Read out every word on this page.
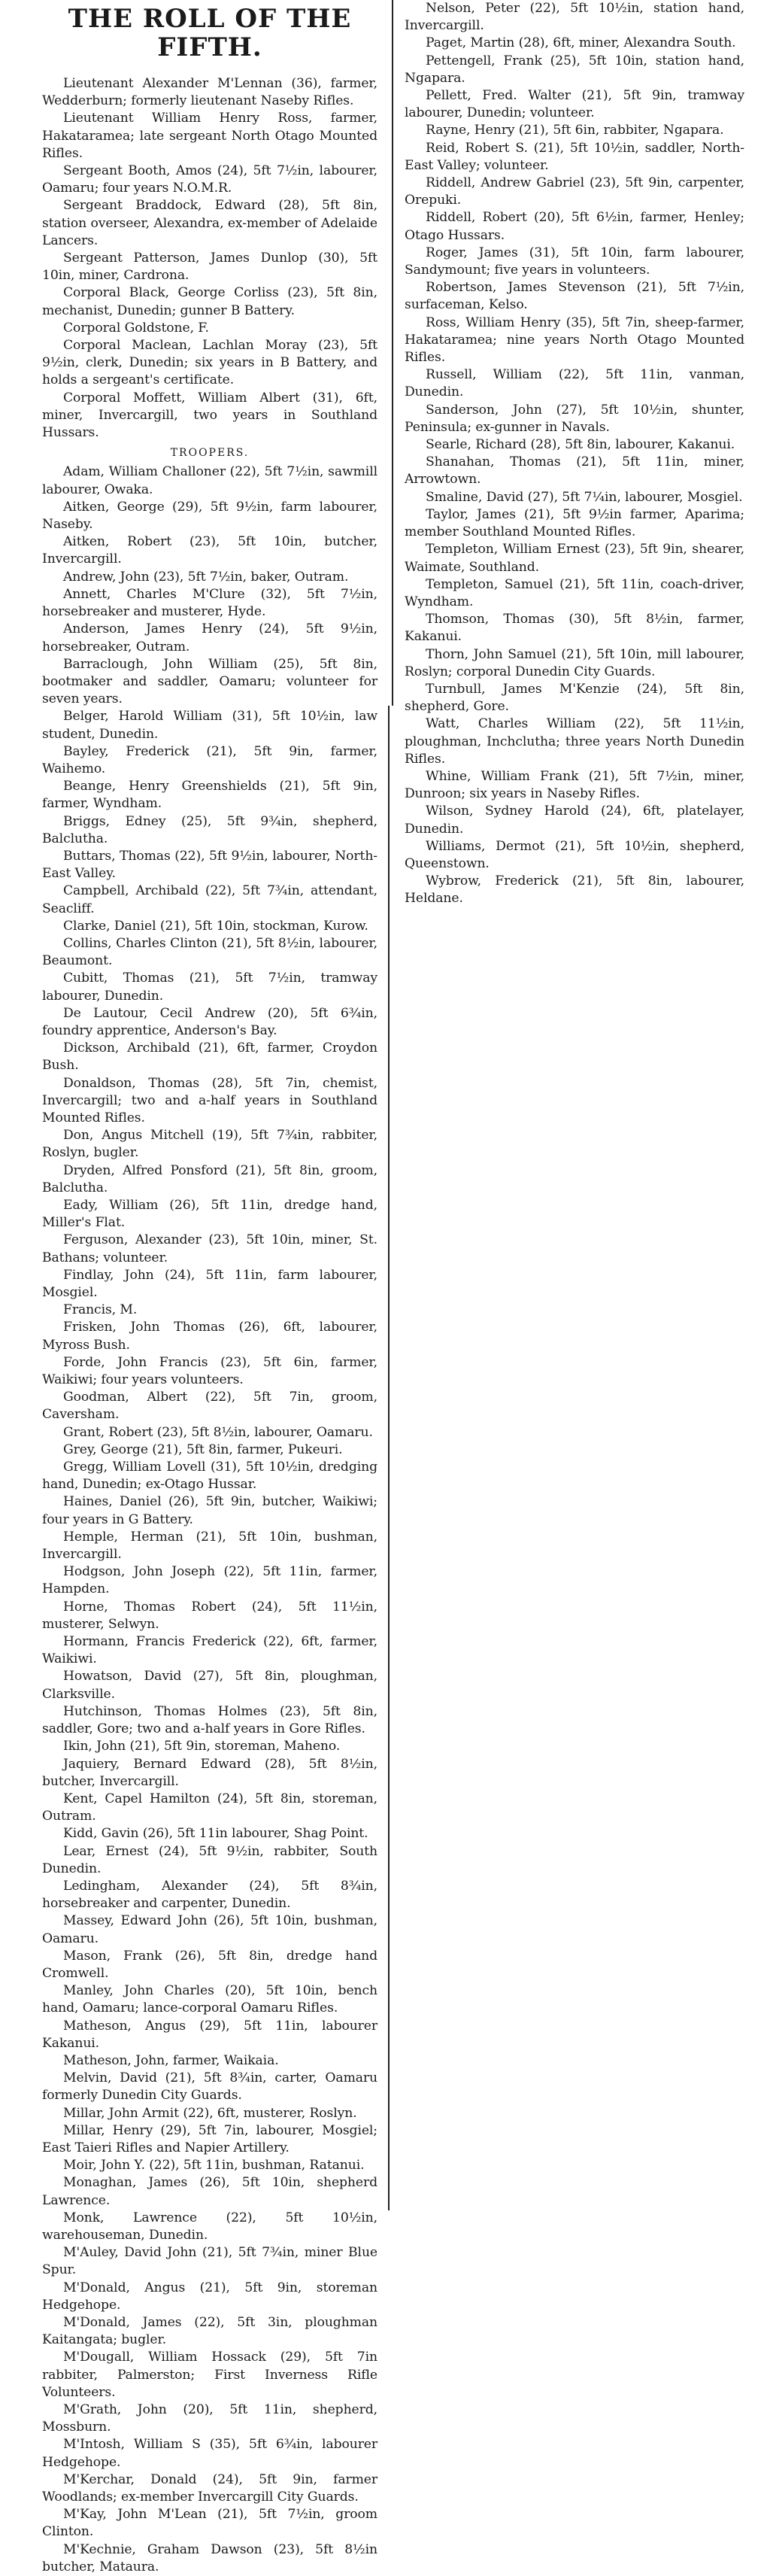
THE ROLL OF THE FIFTH.

Lieutenant Alexander M'Lennan (36), farmer, Wedderburn; formerly lieutenant Naseby Rifles.

Lieutenant William Henry Ross, farmer, Hakataramea; late sergeant North Otago Mounted Rifles.

Sergeant Booth, Amos (24), 5ft 7½in, labourer, Oamaru; four years N.O.M.R.

Sergeant Braddock, Edward (28), 5ft 8in, station overseer, Alexandra, ex-member of Adelaide Lancers.

Sergeant Patterson, James Dunlop (30), 5ft 10in, miner, Cardrona.

Corporal Black, George Corliss (23), 5ft 8in, mechanist, Dunedin; gunner B Battery.

Corporal Goldstone, F.

Corporal Maclean, Lachlan Moray (23), 5ft 9½in, clerk, Dunedin; six years in B Battery, and holds a sergeant's certificate.

Corporal Moffett, William Albert (31), 6ft, miner, Invercargill, two years in Southland Hussars.

TROOPERS.

Adam, William Challoner (22), 5ft 7½in, sawmill labourer, Owaka.

Aitken, George (29), 5ft 9½in, farm labourer, Naseby.

Aitken, Robert (23), 5ft 10in, butcher, Invercargill.

Andrew, John (23), 5ft 7½in, baker, Outram.

Annett, Charles M'Clure (32), 5ft 7½in, horsebreaker and musterer, Hyde.

Anderson, James Henry (24), 5ft 9½in, horsebreaker, Outram.

Barraclough, John William (25), 5ft 8in, bootmaker and saddler, Oamaru; volunteer for seven years.

Belger, Harold William (31), 5ft 10½in, law student, Dunedin.

Bayley, Frederick (21), 5ft 9in, farmer, Waihemo.

Beange, Henry Greenshields (21), 5ft 9in, farmer, Wyndham.

Briggs, Edney (25), 5ft 9¾in, shepherd, Balclutha.

Buttars, Thomas (22), 5ft 9½in, labourer, North-East Valley.

Campbell, Archibald (22), 5ft 7¾in, attendant, Seacliff.

Clarke, Daniel (21), 5ft 10in, stockman, Kurow.

Collins, Charles Clinton (21), 5ft 8½in, labourer, Beaumont.

Cubitt, Thomas (21), 5ft 7½in, tramway labourer, Dunedin.

De Lautour, Cecil Andrew (20), 5ft 6¾in, foundry apprentice, Anderson's Bay.

Dickson, Archibald (21), 6ft, farmer, Croydon Bush.

Donaldson, Thomas (28), 5ft 7in, chemist, Invercargill; two and a-half years in Southland Mounted Rifles.

Don, Angus Mitchell (19), 5ft 7¾in, rabbiter, Roslyn, bugler.

Dryden, Alfred Ponsford (21), 5ft 8in, groom, Balclutha.

Eady, William (26), 5ft 11in, dredge hand, Miller's Flat.

Ferguson, Alexander (23), 5ft 10in, miner, St. Bathans; volunteer.

Findlay, John (24), 5ft 11in, farm labourer, Mosgiel.

Francis, M.

Frisken, John Thomas (26), 6ft, labourer, Myross Bush.

Forde, John Francis (23), 5ft 6in, farmer, Waikiwi; four years volunteers.

Goodman, Albert (22), 5ft 7in, groom, Caversham.

Grant, Robert (23), 5ft 8½in, labourer, Oamaru.

Grey, George (21), 5ft 8in, farmer, Pukeuri.

Gregg, William Lovell (31), 5ft 10½in, dredging hand, Dunedin; ex-Otago Hussar.

Haines, Daniel (26), 5ft 9in, butcher, Waikiwi; four years in G Battery.

Hemple, Herman (21), 5ft 10in, bushman, Invercargill.

Hodgson, John Joseph (22), 5ft 11in, farmer, Hampden.

Horne, Thomas Robert (24), 5ft 11½in, musterer, Selwyn.

Hormann, Francis Frederick (22), 6ft, farmer, Waikiwi.

Howatson, David (27), 5ft 8in, ploughman, Clarksville.

Hutchinson, Thomas Holmes (23), 5ft 8in, saddler, Gore; two and a-half years in Gore Rifles.

Ikin, John (21), 5ft 9in, storeman, Maheno.

Jaquiery, Bernard Edward (28), 5ft 8½in, butcher, Invercargill.

Kent, Capel Hamilton (24), 5ft 8in, storeman, Outram.

Kidd, Gavin (26), 5ft 11in labourer, Shag Point.

Lear, Ernest (24), 5ft 9½in, rabbiter, South Dunedin.

Ledingham, Alexander (24), 5ft 8¾in, horsebreaker and carpenter, Dunedin.

Massey, Edward John (26), 5ft 10in, bushman, Oamaru.

Mason, Frank (26), 5ft 8in, dredge hand Cromwell.

Manley, John Charles (20), 5ft 10in, bench hand, Oamaru; lance-corporal Oamaru Rifles.

Matheson, Angus (29), 5ft 11in, labourer Kakanui.

Matheson, John, farmer, Waikaia.

Melvin, David (21), 5ft 8¾in, carter, Oamaru formerly Dunedin City Guards.

Millar, John Armit (22), 6ft, musterer, Roslyn.

Millar, Henry (29), 5ft 7in, labourer, Mosgiel; East Taieri Rifles and Napier Artillery.

Moir, John Y. (22), 5ft 11in, bushman, Ratanui.

Monaghan, James (26), 5ft 10in, shepherd Lawrence.

Monk, Lawrence (22), 5ft 10½in, warehouseman, Dunedin.

M'Auley, David John (21), 5ft 7¾in, miner Blue Spur.

M'Donald, Angus (21), 5ft 9in, storeman Hedgehope.

M'Donald, James (22), 5ft 3in, ploughman Kaitangata; bugler.

M'Dougall, William Hossack (29), 5ft 7in rabbiter, Palmerston; First Inverness Rifle Volunteers.

M'Grath, John (20), 5ft 11in, shepherd, Mossburn.

M'Intosh, William S (35), 5ft 6¾in, labourer Hedgehope.

M'Kerchar, Donald (24), 5ft 9in, farmer Woodlands; ex-member Invercargill City Guards.

M'Kay, John M'Lean (21), 5ft 7½in, groom Clinton.

M'Kechnie, Graham Dawson (23), 5ft 8½in butcher, Mataura.

Nelson, Peter (22), 5ft 10½in, station hand, Invercargill.

Paget, Martin (28), 6ft, miner, Alexandra South.

Pettengell, Frank (25), 5ft 10in, station hand, Ngapara.

Pellett, Fred. Walter (21), 5ft 9in, tramway labourer, Dunedin; volunteer.

Rayne, Henry (21), 5ft 6in, rabbiter, Ngapara.

Reid, Robert S. (21), 5ft 10½in, saddler, North-East Valley; volunteer.

Riddell, Andrew Gabriel (23), 5ft 9in, carpenter, Orepuki.

Riddell, Robert (20), 5ft 6½in, farmer, Henley; Otago Hussars.

Roger, James (31), 5ft 10in, farm labourer, Sandymount; five years in volunteers.

Robertson, James Stevenson (21), 5ft 7½in, surfaceman, Kelso.

Ross, William Henry (35), 5ft 7in, sheep-farmer, Hakataramea; nine years North Otago Mounted Rifles.

Russell, William (22), 5ft 11in, vanman, Dunedin.

Sanderson, John (27), 5ft 10½in, shunter, Peninsula; ex-gunner in Navals.

Searle, Richard (28), 5ft 8in, labourer, Kakanui.

Shanahan, Thomas (21), 5ft 11in, miner, Arrowtown.

Smaline, David (27), 5ft 7¼in, labourer, Mosgiel.

Taylor, James (21), 5ft 9½in farmer, Aparima; member Southland Mounted Rifles.

Templeton, William Ernest (23), 5ft 9in, shearer, Waimate, Southland.

Templeton, Samuel (21), 5ft 11in, coach-driver, Wyndham.

Thomson, Thomas (30), 5ft 8½in, farmer, Kakanui.

Thorn, John Samuel (21), 5ft 10in, mill labourer, Roslyn; corporal Dunedin City Guards.

Turnbull, James M'Kenzie (24), 5ft 8in, shepherd, Gore.

Watt, Charles William (22), 5ft 11½in, ploughman, Inchclutha; three years North Dunedin Rifles.

Whine, William Frank (21), 5ft 7½in, miner, Dunroon; six years in Naseby Rifles.

Wilson, Sydney Harold (24), 6ft, platelayer, Dunedin.

Williams, Dermot (21), 5ft 10½in, shepherd, Queenstown.

Wybrow, Frederick (21), 5ft 8in, labourer, Heldane.
